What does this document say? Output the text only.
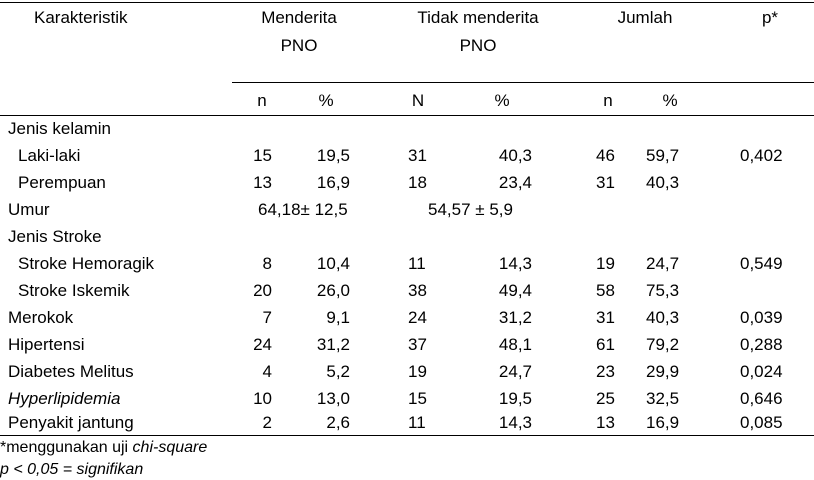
Karakteristik	Menderita
PNO
Tidak menderita
PNO
Jumlah	p*
n	%	N	%	n	%
Jenis kelamin
Laki-laki	15	19,5	31	40,3	46 59,7	0,402
Perempuan	13	16,9	18	23,4	31 40,3
Umur	64,18± 12,5	54,57 ± 5,9
Jenis Stroke
Stroke Hemoragik	8	10,4	11	14,3	19 24,7	0,549
Stroke Iskemik	20	26,0	38	49,4	58 75,3
Merokok	7	9,1	24	31,2	31 40,3	0,039
Hipertensi	24	31,2	37	48,1	61 79,2	0,288
Diabetes Melitus	4	5,2	19	24,7	23 29,9	0,024
Hyperlipidemia	10	13,0	15	19,5	25 32,5	0,646
Penyakit jantung	2	2,6	11	14,3	13 16,9	0,085
*menggunakan uji chi-square
p < 0,05 = signifikan
